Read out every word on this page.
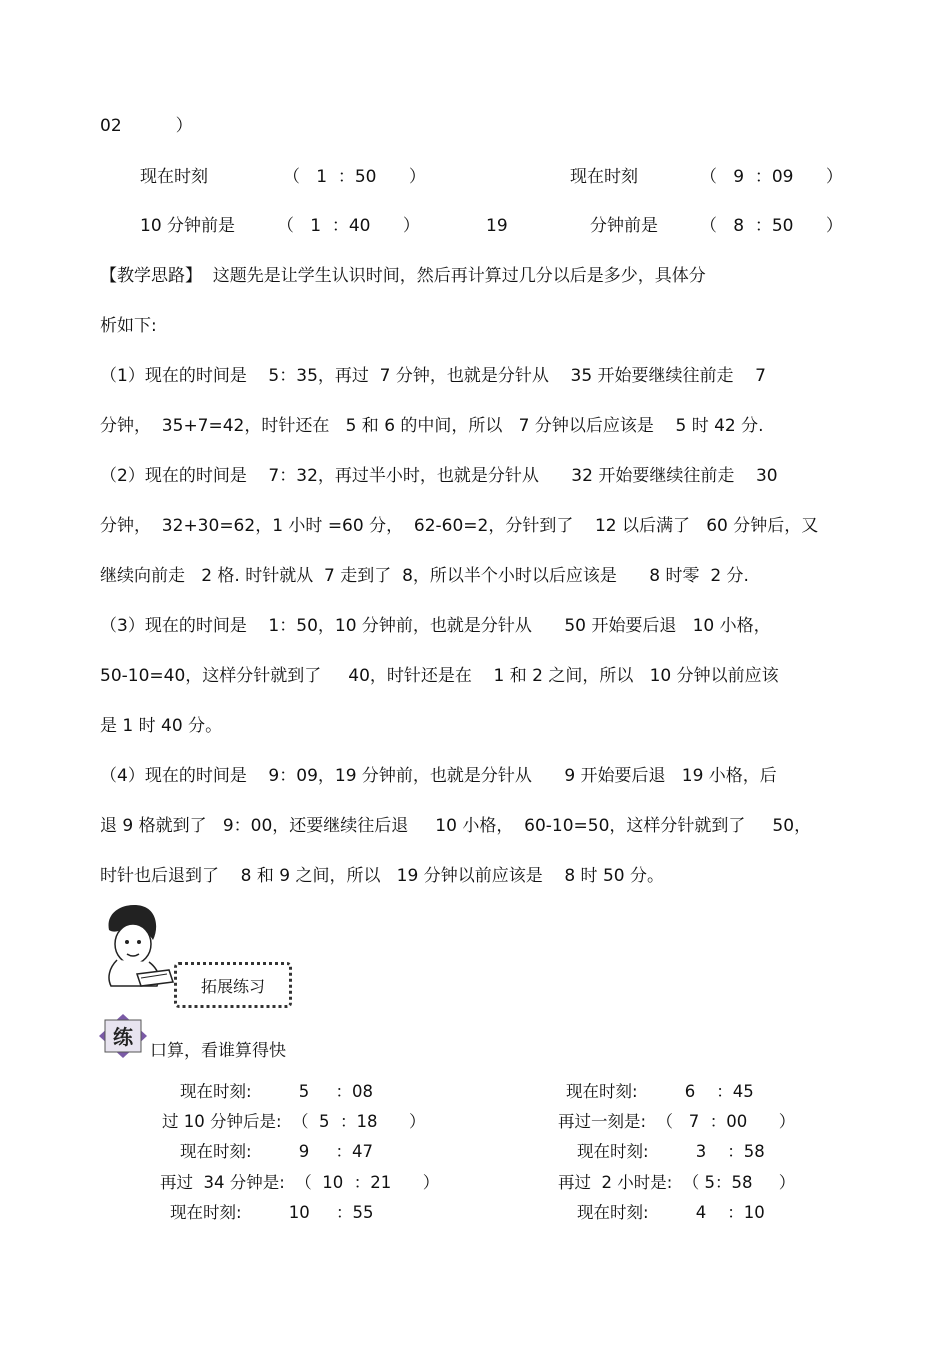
02          ）
现在时刻	（   1  ：50      ）	现在时刻	（   9  ：09      ）
10 分钟前是 （   1  ：40      ）	19	分钟前是 （   8  ：50      ）
【教学思路】  这题先是让学生认识时间，然后再计算过几分以后是多少，具体分
析如下:
（1）现在的时间是    5：35，再过  7 分钟，也就是分针从    35 开始要继续往前走    7
分钟，  35+7=42，时针还在   5 和 6 的中间，所以   7 分钟以后应该是    5 时 42 分.
（2）现在的时间是    7：32，再过半小时，也就是分针从      32 开始要继续往前走    30
分钟，  32+30=62，1 小时 =60 分，  62-60=2，分针到了    12 以后满了   60 分钟后，又
继续向前走   2 格. 时针就从  7 走到了  8，所以半个小时以后应该是      8 时零  2 分.
（3）现在的时间是    1：50，10 分钟前，也就是分针从      50 开始要后退   10 小格，
50-10=40，这样分针就到了     40，时针还是在    1 和 2 之间，所以   10 分钟以前应该
是 1 时 40 分。
（4）现在的时间是    9：09，19 分钟前，也就是分针从      9 开始要后退   19 小格，后
退 9 格就到了   9：00，还要继续往后退     10 小格，  60-10=50，这样分针就到了     50，
时针也后退到了    8 和 9 之间，所以   19 分钟以前应该是    8 时 50 分。
拓展练习
练
口算，看谁算得快
现在时刻:         5     ：08	现在时刻:         6    ：45
过 10 分钟后是:  （  5  ：18      ）	再过一刻是:  （   7  ：00      ）
现在时刻:         9     ：47	现在时刻:         3    ：58
再过  34 分钟是:  （  10  ：21      ）	再过  2 小时是:  （ 5：58     ）
现在时刻:         10     ：55	现在时刻:         4    ：10
